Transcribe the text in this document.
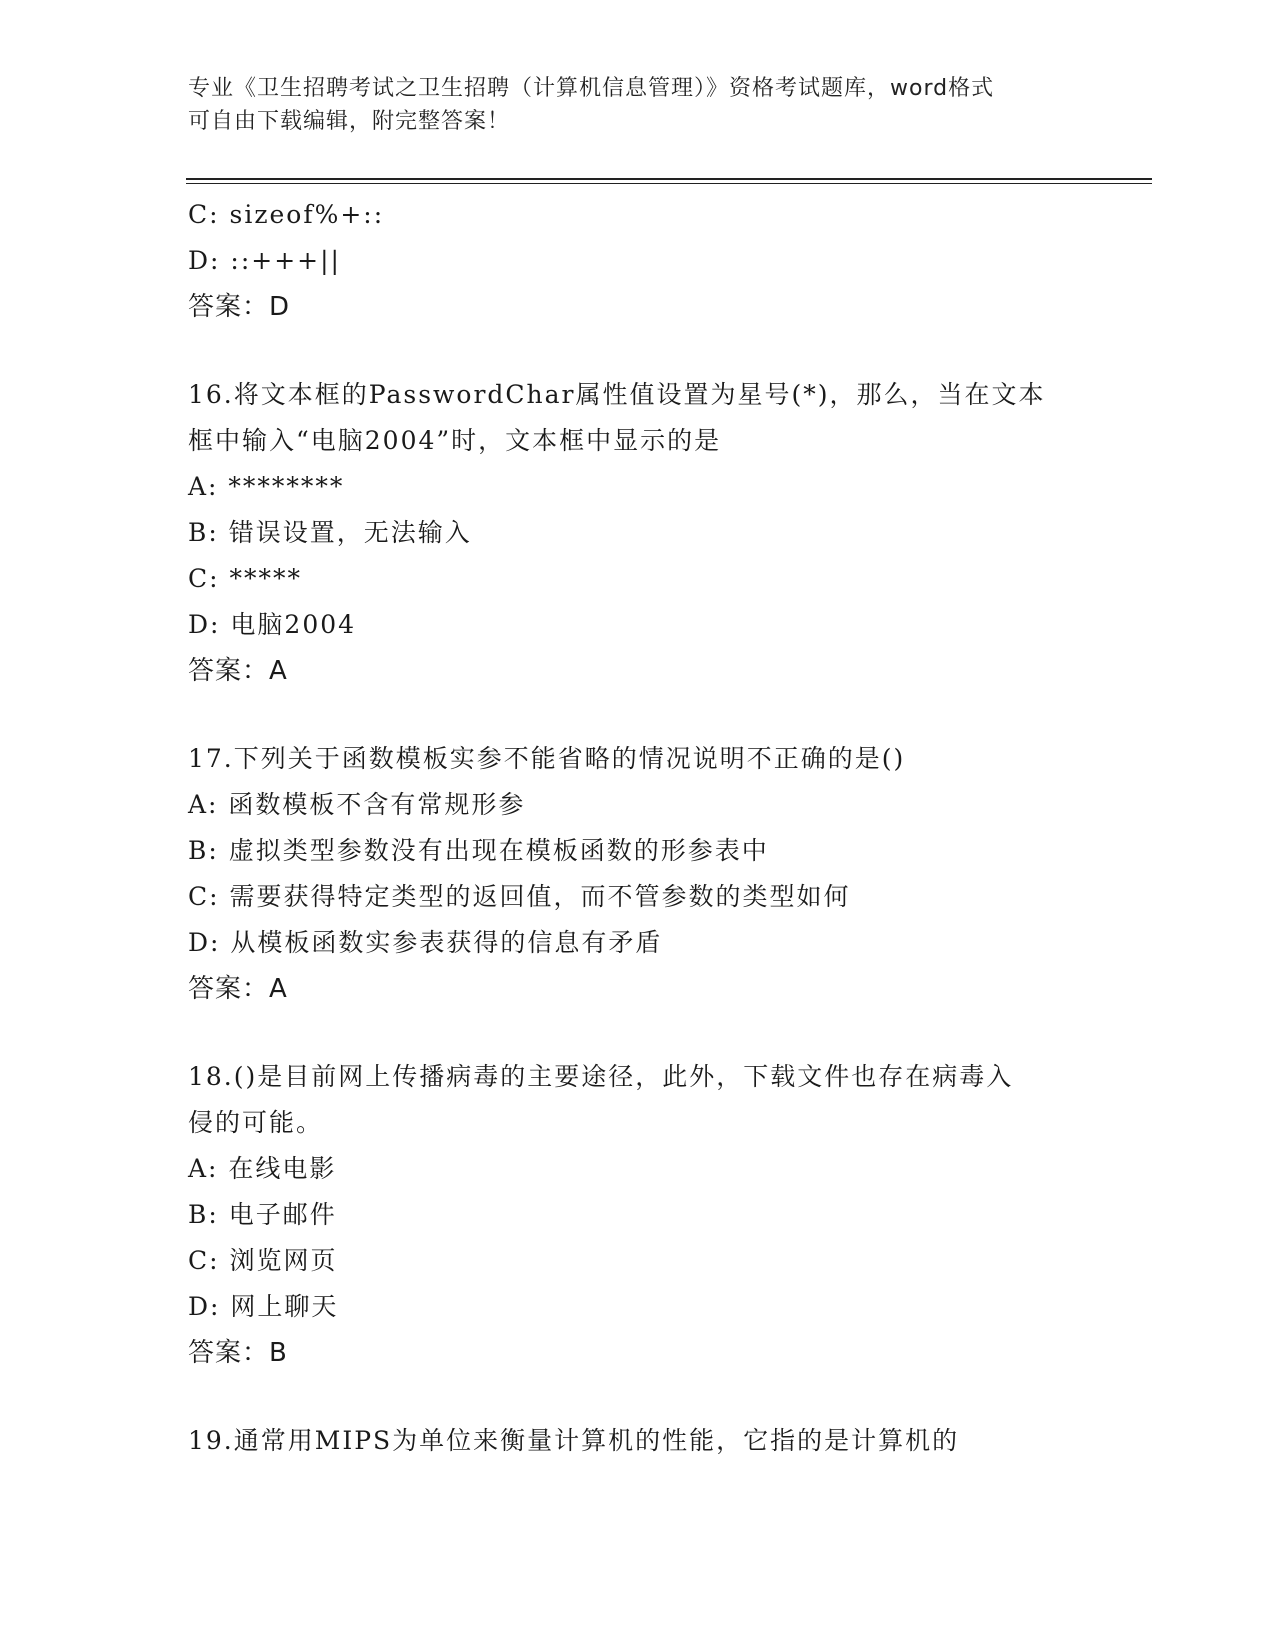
专业《卫生招聘考试之卫生招聘（计算机信息管理）》资格考试题库，word格式
可自由下载编辑，附完整答案！
C: sizeof%+::
D: ::+++||
答案：D
16.将文本框的PasswordChar属性值设置为星号(*)，那么，当在文本
框中输入“电脑2004”时，文本框中显示的是
A: ********
B: 错误设置，无法输入
C: *****
D: 电脑2004
答案：A
17.下列关于函数模板实参不能省略的情况说明不正确的是()
A: 函数模板不含有常规形参
B: 虚拟类型参数没有出现在模板函数的形参表中
C: 需要获得特定类型的返回值，而不管参数的类型如何
D: 从模板函数实参表获得的信息有矛盾
答案：A
18.()是目前网上传播病毒的主要途径，此外，下载文件也存在病毒入
侵的可能。
A: 在线电影
B: 电子邮件
C: 浏览网页
D: 网上聊天
答案：B
19.通常用MIPS为单位来衡量计算机的性能，它指的是计算机的
